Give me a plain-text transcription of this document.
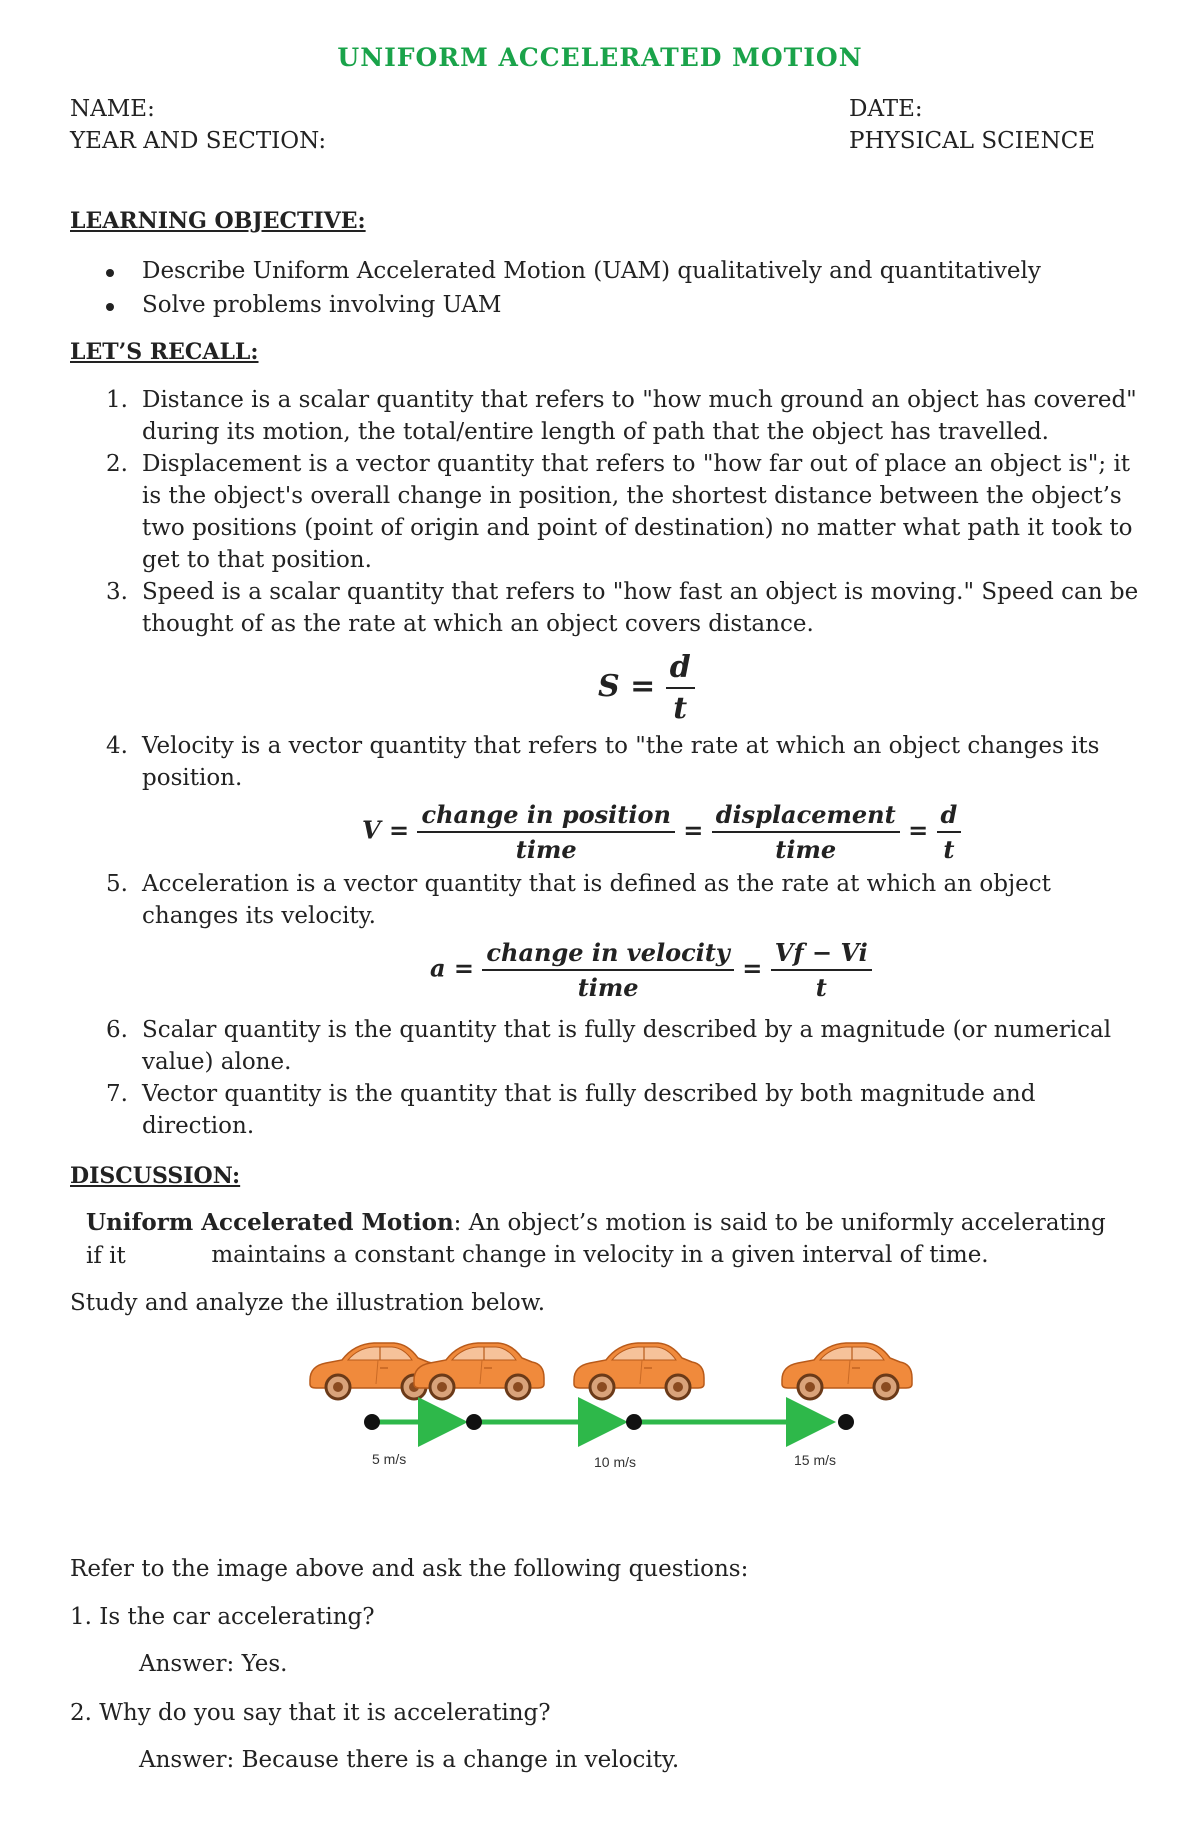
UNIFORM ACCELERATED MOTION
NAME:	DATE:
YEAR AND SECTION:	PHYSICAL SCIENCE
LEARNING OBJECTIVE:
Describe Uniform Accelerated Motion (UAM) qualitatively and quantitatively
Solve problems involving UAM
LET’S RECALL:
1. Distance is a scalar quantity that refers to "how much ground an object has covered"
during its motion, the total/entire length of path that the object has travelled.
2. Displacement is a vector quantity that refers to "how far out of place an object is"; it
is the object's overall change in position, the shortest distance between the object’s
two positions (point of origin and point of destination) no matter what path it took to
get to that position.
3. Speed is a scalar quantity that refers to "how fast an object is moving." Speed can be
thought of as the rate at which an object covers distance.
$S = \frac{d}{t}$
4. Velocity is a vector quantity that refers to "the rate at which an object changes its
position.
$V = \frac{\text{change in position}}{\text{time}} = \frac{\text{displacement}}{\text{time}} = \frac{d}{t}$
5. Acceleration is a vector quantity that is defined as the rate at which an object
changes its velocity.
$a = \frac{\text{change in velocity}}{\text{time}} = \frac{Vf - Vi}{t}$
6. Scalar quantity is the quantity that is fully described by a magnitude (or numerical
value) alone.
7. Vector quantity is the quantity that is fully described by both magnitude and
direction.
DISCUSSION:
Uniform Accelerated Motion: An object’s motion is said to be uniformly accelerating if it	maintains a constant change in velocity in a given interval of time.
Study and analyze the illustration below.
5 m/s	10 m/s	15 m/s
Refer to the image above and ask the following questions:
1. Is the car accelerating?
Answer: Yes.
2. Why do you say that it is accelerating?
Answer: Because there is a change in velocity.
